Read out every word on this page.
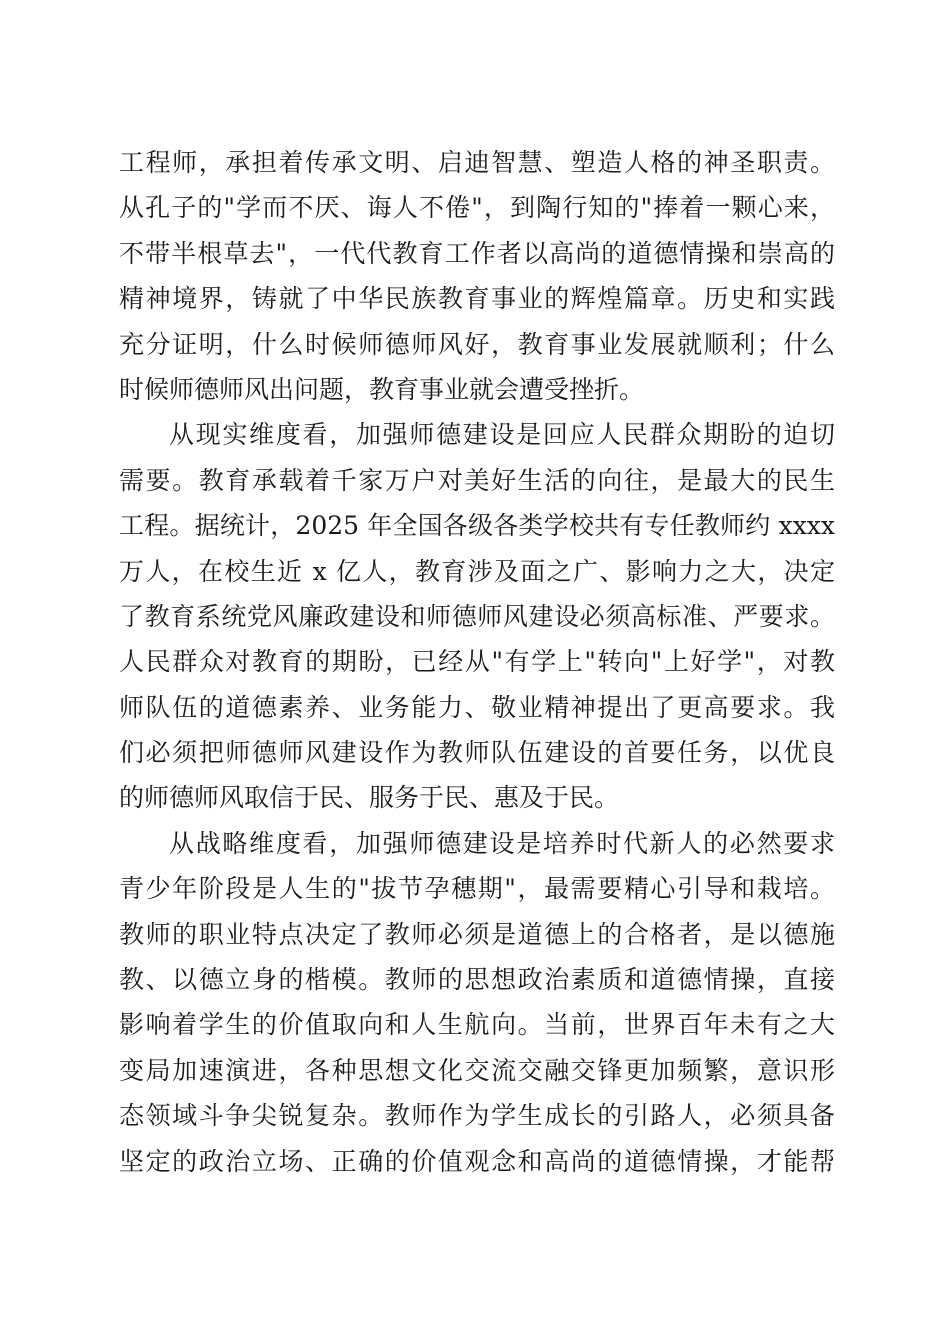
工程师，承担着传承文明、启迪智慧、塑造人格的神圣职责。
从孔子的"学而不厌、诲人不倦"，到陶行知的"捧着一颗心来，
不带半根草去"，一代代教育工作者以高尚的道德情操和崇高的
精神境界，铸就了中华民族教育事业的辉煌篇章。历史和实践
充分证明，什么时候师德师风好，教育事业发展就顺利；什么
时候师德师风出问题，教育事业就会遭受挫折。
从现实维度看，加强师德建设是回应人民群众期盼的迫切
需要。教育承载着千家万户对美好生活的向往，是最大的民生
工程。据统计，2025 年全国各级各类学校共有专任教师约 xxxx
万人，在校生近 x 亿人，教育涉及面之广、影响力之大，决定
了教育系统党风廉政建设和师德师风建设必须高标准、严要求。
人民群众对教育的期盼，已经从"有学上"转向"上好学"，对教
师队伍的道德素养、业务能力、敬业精神提出了更高要求。我
们必须把师德师风建设作为教师队伍建设的首要任务，以优良
的师德师风取信于民、服务于民、惠及于民。
从战略维度看，加强师德建设是培养时代新人的必然要求
青少年阶段是人生的"拔节孕穗期"，最需要精心引导和栽培。
教师的职业特点决定了教师必须是道德上的合格者，是以德施
教、以德立身的楷模。教师的思想政治素质和道德情操，直接
影响着学生的价值取向和人生航向。当前，世界百年未有之大
变局加速演进，各种思想文化交流交融交锋更加频繁，意识形
态领域斗争尖锐复杂。教师作为学生成长的引路人，必须具备
坚定的政治立场、正确的价值观念和高尚的道德情操，才能帮
